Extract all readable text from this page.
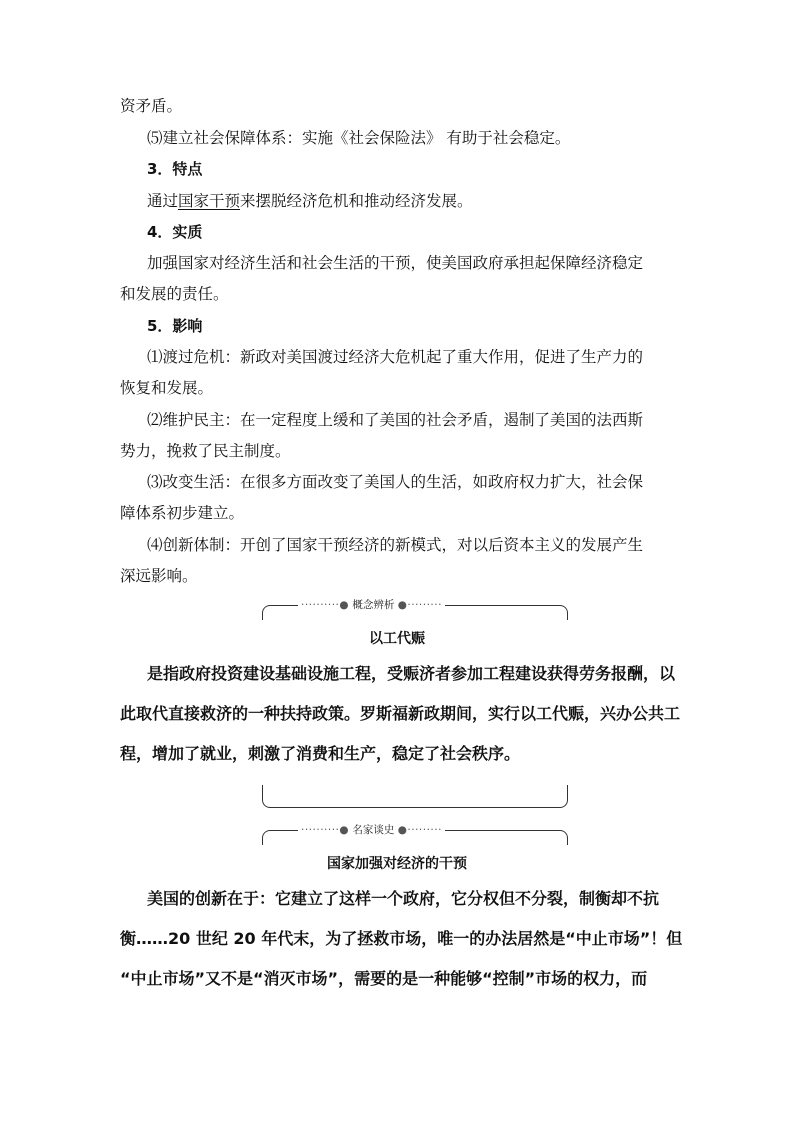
资矛盾。
⑸建立社会保障体系：实施《社会保险法》 有助于社会稳定。
3．特点
通过国家干预来摆脱经济危机和推动经济发展。
4．实质
加强国家对经济生活和社会生活的干预，使美国政府承担起保障经济稳定
和发展的责任。
5．影响
⑴渡过危机：新政对美国渡过经济大危机起了重大作用，促进了生产力的
恢复和发展。
⑵维护民主：在一定程度上缓和了美国的社会矛盾，遏制了美国的法西斯
势力，挽救了民主制度。
⑶改变生活：在很多方面改变了美国人的生活，如政府权力扩大，社会保
障体系初步建立。
⑷创新体制：开创了国家干预经济的新模式，对以后资本主义的发展产生
深远影响。
··········● 概念辨析 ●·········
以工代赈
是指政府投资建设基础设施工程，受赈济者参加工程建设获得劳务报酬，以
此取代直接救济的一种扶持政策。罗斯福新政期间，实行以工代赈，兴办公共工
程，增加了就业，刺激了消费和生产，稳定了社会秩序。
··········● 名家谈史 ●·········
国家加强对经济的干预
美国的创新在于：它建立了这样一个政府，它分权但不分裂，制衡却不抗
衡……20 世纪 20 年代末，为了拯救市场，唯一的办法居然是“中止市场”！但
“中止市场”又不是“消灭市场”，需要的是一种能够“控制”市场的权力，而
